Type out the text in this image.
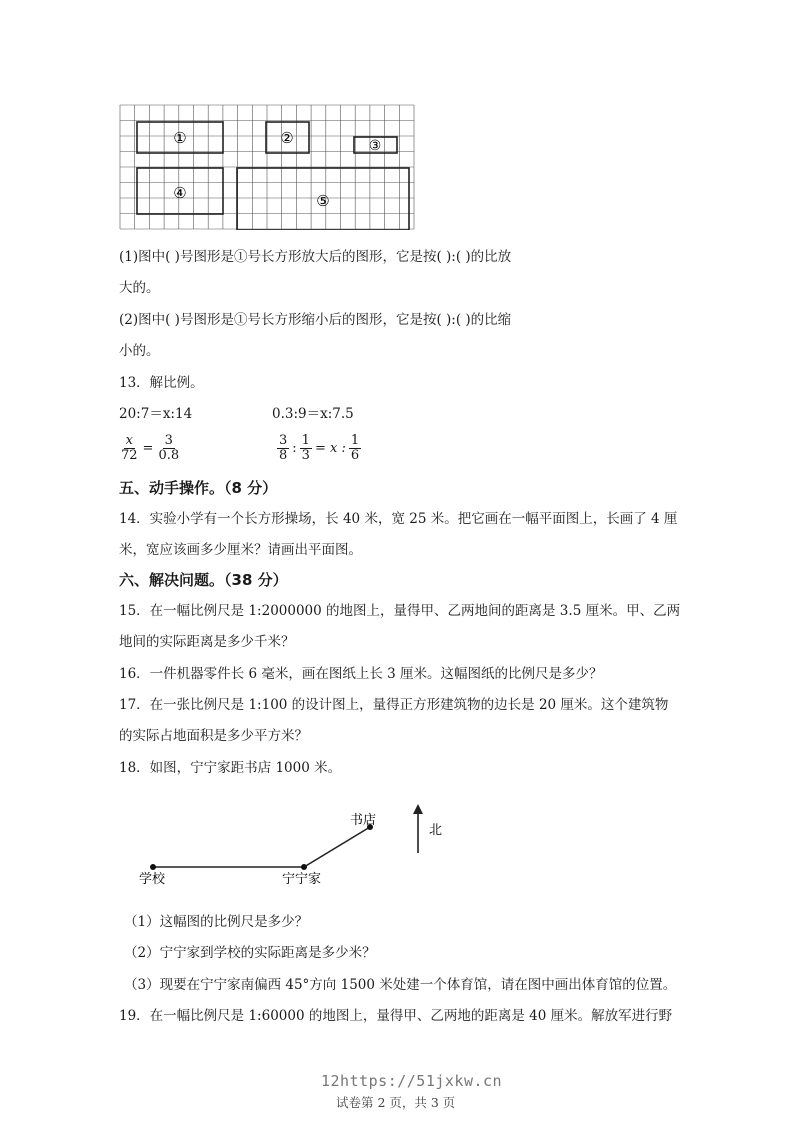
①	②	③
④	⑤
(1)图中( )号图形是①号长方形放大后的图形，它是按( ):( )的比放
大的。
(2)图中( )号图形是①号长方形缩小后的图形，它是按( ):( )的比缩
小的。
13．解比例。
20:7＝x:14	0.3:9＝x:7.5
$\frac{x}{72} = \frac{3}{0.8}$	$\frac{3}{8}$ : $\frac{1}{3} = x$ : $\frac{1}{6}$
五、动手操作。（8 分）
14．实验小学有一个长方形操场，长 40 米，宽 25 米。把它画在一幅平面图上，长画了 4 厘
米，宽应该画多少厘米？请画出平面图。
六、解决问题。（38 分）
15．在一幅比例尺是 1:2000000 的地图上，量得甲、乙两地间的距离是 3.5 厘米。甲、乙两
地间的实际距离是多少千米？
16．一件机器零件长 6 毫米，画在图纸上长 3 厘米。这幅图纸的比例尺是多少？
17．在一张比例尺是 1:100 的设计图上，量得正方形建筑物的边长是 20 厘米。这个建筑物
的实际占地面积是多少平方米？
18．如图，宁宁家距书店 1000 米。
书店
北
学校	宁宁家
（1）这幅图的比例尺是多少？
（2）宁宁家到学校的实际距离是多少米？
（3）现要在宁宁家南偏西 45°方向 1500 米处建一个体育馆，请在图中画出体育馆的位置。
19．在一幅比例尺是 1:60000 的地图上，量得甲、乙两地的距离是 40 厘米。解放军进行野
12https://51jxkw.cn
试卷第 2 页，共 3 页
